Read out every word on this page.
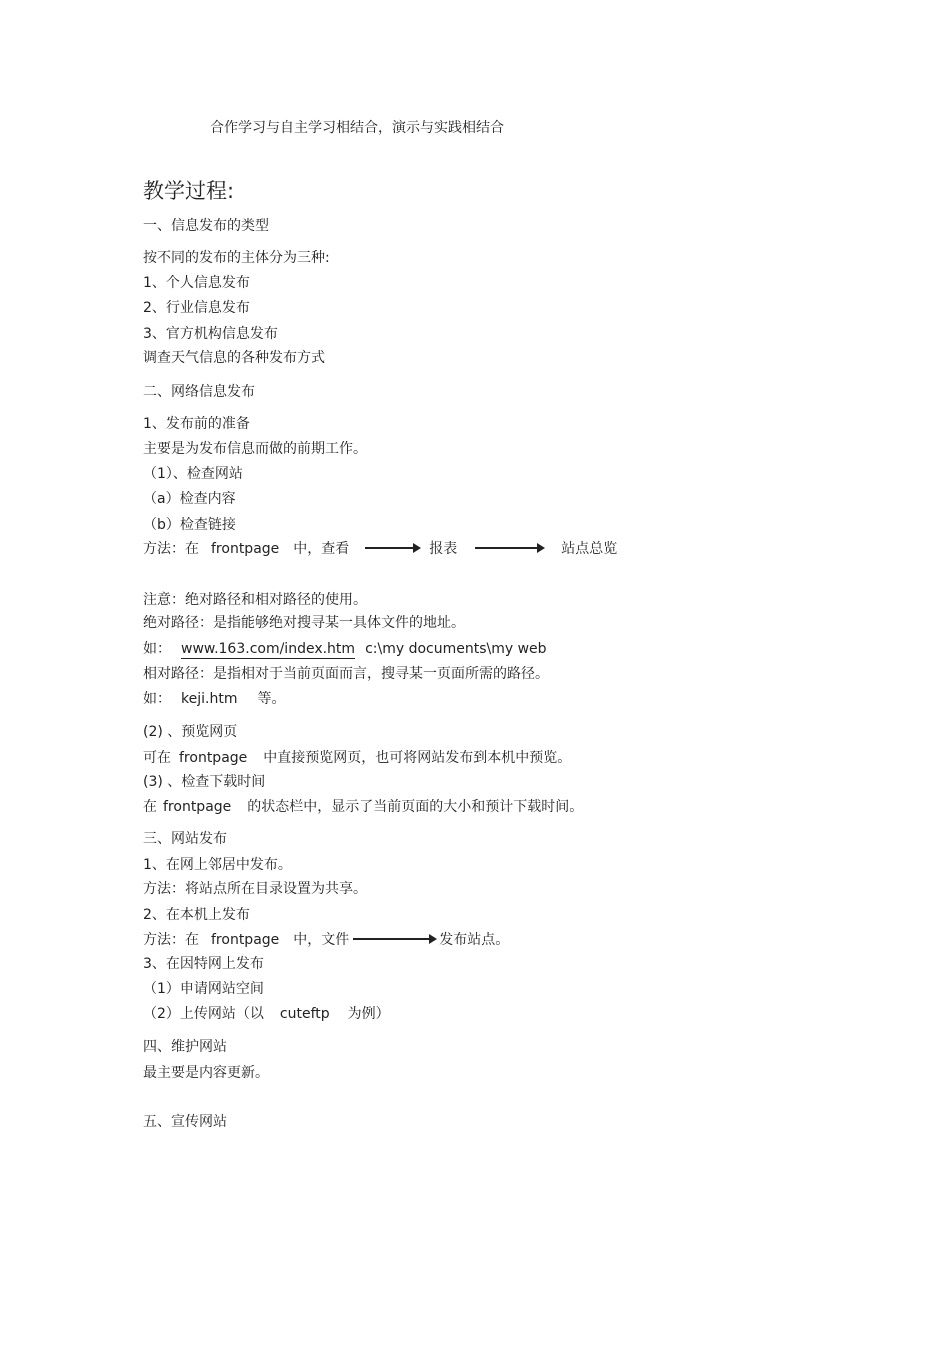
合作学习与自主学习相结合，演示与实践相结合
教学过程:
一、信息发布的类型
按不同的发布的主体分为三种:
1、个人信息发布
2、行业信息发布
3、官方机构信息发布
调查天气信息的各种发布方式
二、网络信息发布
1、发布前的准备
主要是为发布信息而做的前期工作。
（1）、检查网站
（a）检查内容
（b）检查链接
方法：在 frontpage 中，查看	报表	站点总览
注意：绝对路径和相对路径的使用。
绝对路径：是指能够绝对搜寻某一具体文件的地址。
如： www.163.com/index.htm c:\my documents\my web
相对路径：是指相对于当前页面而言，搜寻某一页面所需的路径。
如： keji.htm 等。
(2) 、预览网页
可在 frontpage 中直接预览网页，也可将网站发布到本机中预览。
(3) 、检查下载时间
在 frontpage 的状态栏中，显示了当前页面的大小和预计下载时间。
三、网站发布
1、在网上邻居中发布。
方法：将站点所在目录设置为共享。
2、在本机上发布
方法：在 frontpage 中，文件	发布站点。
3、在因特网上发布
（1）申请网站空间
（2）上传网站（以 cuteftp 为例）
四、维护网站
最主要是内容更新。
五、宣传网站
